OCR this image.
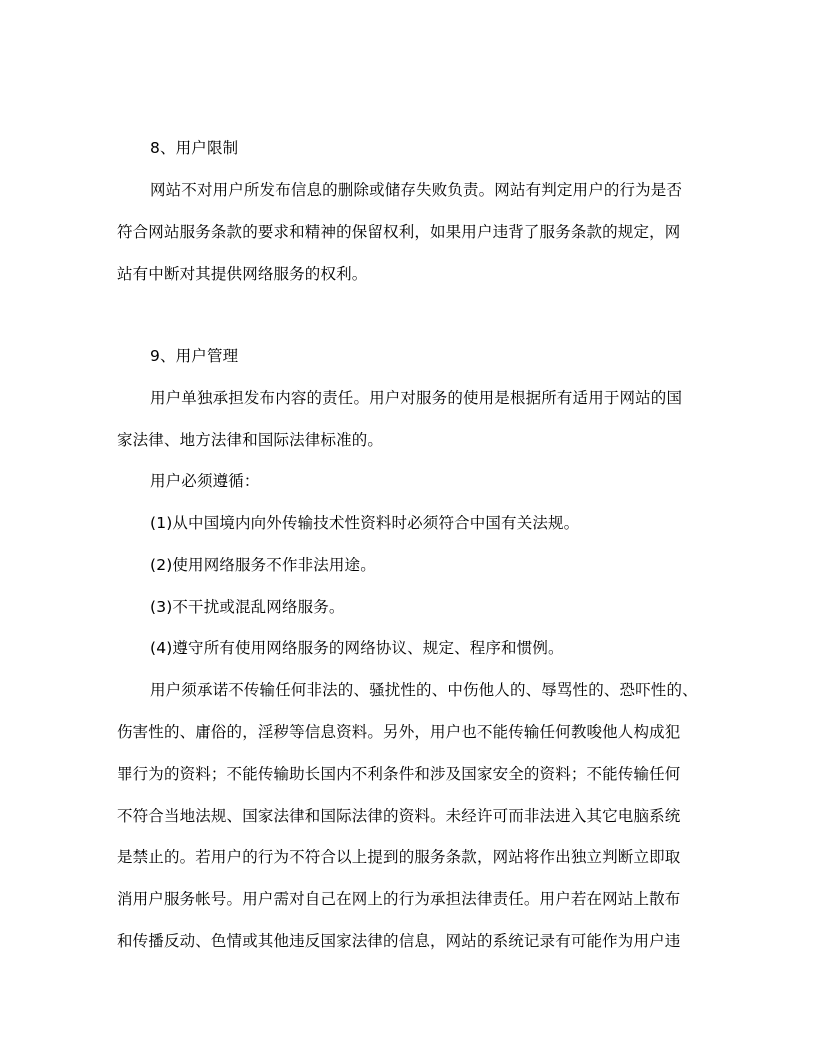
8、用户限制
网站不对用户所发布信息的删除或储存失败负责。网站有判定用户的行为是否
符合网站服务条款的要求和精神的保留权利，如果用户违背了服务条款的规定，网
站有中断对其提供网络服务的权利。
9、用户管理
用户单独承担发布内容的责任。用户对服务的使用是根据所有适用于网站的国
家法律、地方法律和国际法律标准的。
用户必须遵循：
(1)从中国境内向外传输技术性资料时必须符合中国有关法规。
(2)使用网络服务不作非法用途。
(3)不干扰或混乱网络服务。
(4)遵守所有使用网络服务的网络协议、规定、程序和惯例。
用户须承诺不传输任何非法的、骚扰性的、中伤他人的、辱骂性的、恐吓性的、
伤害性的、庸俗的，淫秽等信息资料。另外，用户也不能传输任何教唆他人构成犯
罪行为的资料；不能传输助长国内不利条件和涉及国家安全的资料；不能传输任何
不符合当地法规、国家法律和国际法律的资料。未经许可而非法进入其它电脑系统
是禁止的。若用户的行为不符合以上提到的服务条款，网站将作出独立判断立即取
消用户服务帐号。用户需对自己在网上的行为承担法律责任。用户若在网站上散布
和传播反动、色情或其他违反国家法律的信息，网站的系统记录有可能作为用户违
